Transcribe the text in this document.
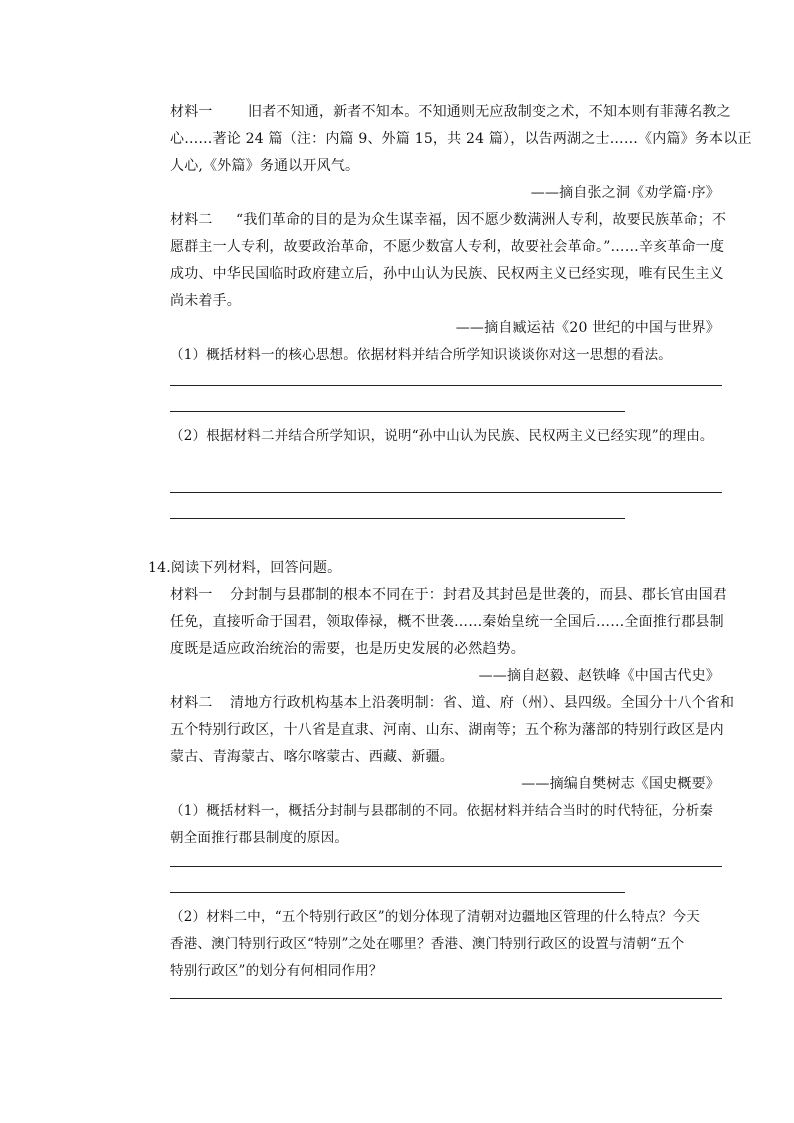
材料一	旧者不知通，新者不知本。不知通则无应敌制变之术，不知本则有菲薄名教之
心……著论 24 篇（注：内篇 9、外篇 15，共 24 篇），以告两湖之士……《内篇》务本以正
人心,《外篇》务通以开风气。
——摘自张之洞《劝学篇·序》
材料二 “我们革命的目的是为众生谋幸福，因不愿少数满洲人专利，故要民族革命；不
愿群主一人专利，故要政治革命，不愿少数富人专利，故要社会革命。”……辛亥革命一度
成功、中华民国临时政府建立后，孙中山认为民族、民权两主义已经实现，唯有民生主义
尚未着手。
——摘自臧运祜《20 世纪的中国与世界》
（1）概括材料一的核心思想。依据材料并结合所学知识谈谈你对这一思想的看法。
（2）根据材料二并结合所学知识，说明“孙中山认为民族、民权两主义已经实现”的理由。
14.阅读下列材料，回答问题。
材料一 分封制与县郡制的根本不同在于：封君及其封邑是世袭的，而县、郡长官由国君
任免，直接听命于国君，领取俸禄，概不世袭……秦始皇统一全国后……全面推行郡县制
度既是适应政治统治的需要，也是历史发展的必然趋势。
——摘自赵毅、赵铁峰《中国古代史》
材料二 清地方行政机构基本上沿袭明制：省、道、府（州）、县四级。全国分十八个省和
五个特别行政区，十八省是直隶、河南、山东、湖南等；五个称为藩部的特别行政区是内
蒙古、青海蒙古、喀尔喀蒙古、西藏、新疆。
——摘编自樊树志《国史概要》
（1）概括材料一，概括分封制与县郡制的不同。依据材料并结合当时的时代特征，分析秦
朝全面推行郡县制度的原因。
（2）材料二中，“五个特别行政区”的划分体现了清朝对边疆地区管理的什么特点？今天
香港、澳门特别行政区“特别”之处在哪里？香港、澳门特别行政区的设置与清朝“五个
特别行政区”的划分有何相同作用？
